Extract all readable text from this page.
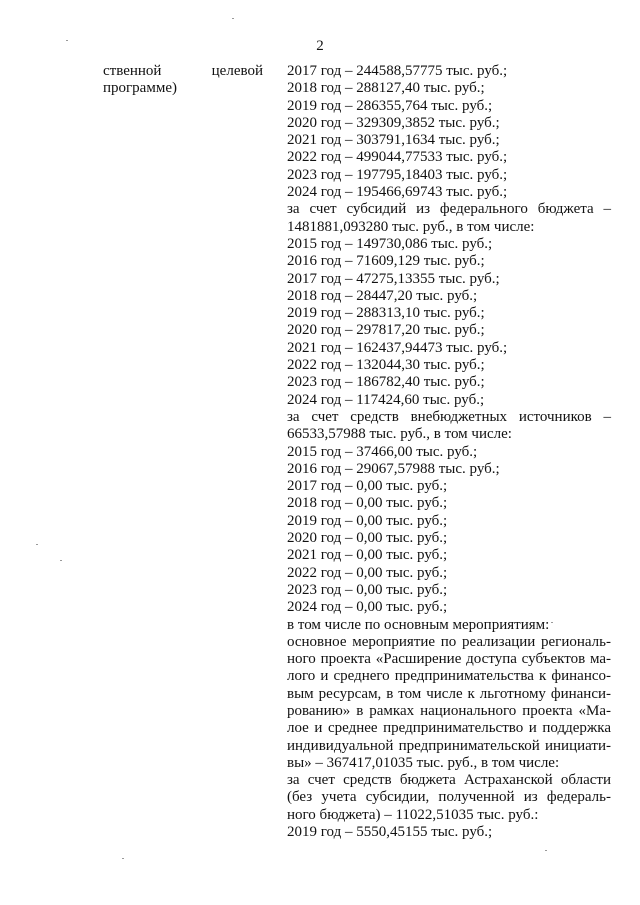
2
ственной	целевой
программе)
2017 год – 244588,57775 тыс. руб.;
2018 год – 288127,40 тыс. руб.;
2019 год – 286355,764 тыс. руб.;
2020 год – 329309,3852 тыс. руб.;
2021 год – 303791,1634 тыс. руб.;
2022 год – 499044,77533 тыс. руб.;
2023 год – 197795,18403 тыс. руб.;
2024 год – 195466,69743 тыс. руб.;
за счет субсидий из федерального бюджета –
1481881,093280 тыс. руб., в том числе:
2015 год – 149730,086 тыс. руб.;
2016 год – 71609,129 тыс. руб.;
2017 год – 47275,13355 тыс. руб.;
2018 год – 28447,20 тыс. руб.;
2019 год – 288313,10 тыс. руб.;
2020 год – 297817,20 тыс. руб.;
2021 год – 162437,94473 тыс. руб.;
2022 год – 132044,30 тыс. руб.;
2023 год – 186782,40 тыс. руб.;
2024 год – 117424,60 тыс. руб.;
за счет средств внебюджетных источников –
66533,57988 тыс. руб., в том числе:
2015 год – 37466,00 тыс. руб.;
2016 год – 29067,57988 тыс. руб.;
2017 год – 0,00 тыс. руб.;
2018 год – 0,00 тыс. руб.;
2019 год – 0,00 тыс. руб.;
2020 год – 0,00 тыс. руб.;
2021 год – 0,00 тыс. руб.;
2022 год – 0,00 тыс. руб.;
2023 год – 0,00 тыс. руб.;
2024 год – 0,00 тыс. руб.;
в том числе по основным мероприятиям:
основное мероприятие по реализации региональ-
ного проекта «Расширение доступа субъектов ма-
лого и среднего предпринимательства к финансо-
вым ресурсам, в том числе к льготному финанси-
рованию» в рамках национального проекта «Ма-
лое и среднее предпринимательство и поддержка
индивидуальной предпринимательской инициати-
вы» – 367417,01035 тыс. руб., в том числе:
за счет средств бюджета Астраханской области
(без учета субсидии, полученной из федераль-
ного бюджета) – 11022,51035 тыс. руб.:
2019 год – 5550,45155 тыс. руб.;
